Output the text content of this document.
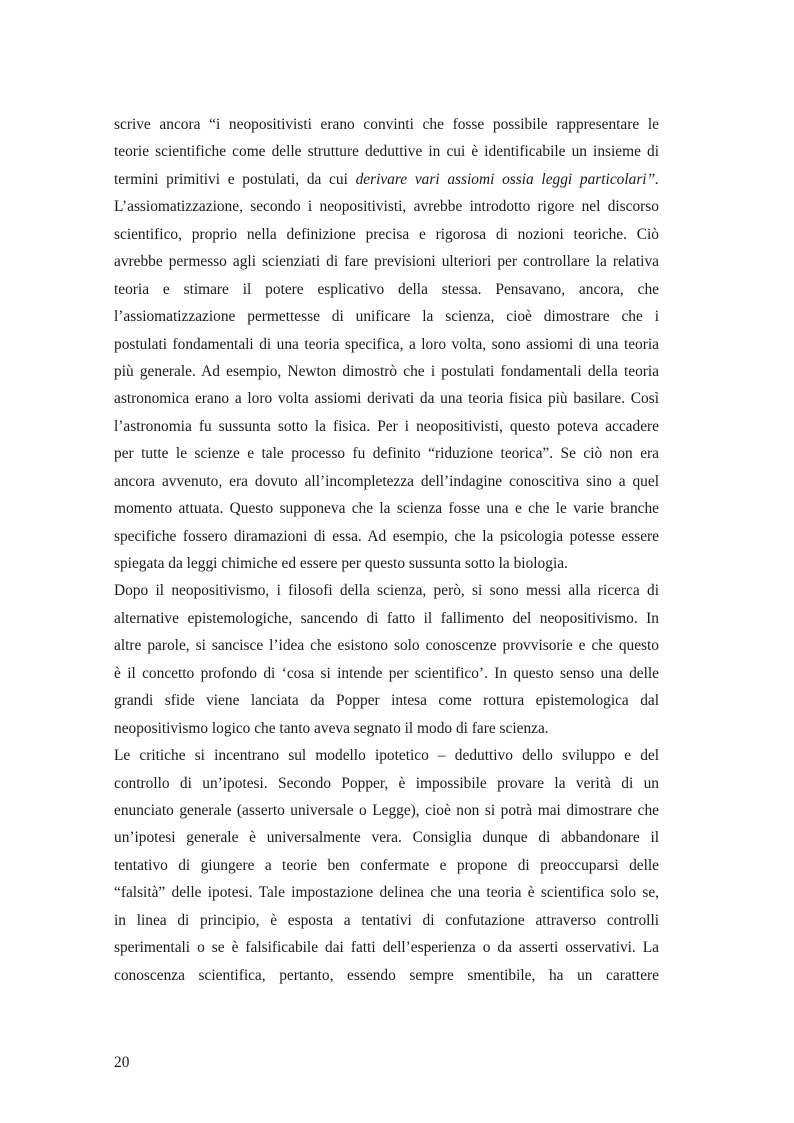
scrive ancora “i neopositivisti erano convinti che fosse possibile rappresentare le
teorie scientifiche come delle strutture deduttive in cui è identificabile un insieme di
termini primitivi e postulati, da cui derivare vari assiomi ossia leggi particolari”.
L’assiomatizzazione, secondo i neopositivisti, avrebbe introdotto rigore nel discorso
scientifico, proprio nella definizione precisa e rigorosa di nozioni teoriche. Ciò
avrebbe permesso agli scienziati di fare previsioni ulteriori per controllare la relativa
teoria e stimare il potere esplicativo della stessa. Pensavano, ancora, che
l’assiomatizzazione permettesse di unificare la scienza, cioè dimostrare che i
postulati fondamentali di una teoria specifica, a loro volta, sono assiomi di una teoria
più generale. Ad esempio, Newton dimostrò che i postulati fondamentali della teoria
astronomica erano a loro volta assiomi derivati da una teoria fisica più basilare. Così
l’astronomia fu sussunta sotto la fisica. Per i neopositivisti, questo poteva accadere
per tutte le scienze e tale processo fu definito “riduzione teorica”. Se ciò non era
ancora avvenuto, era dovuto all’incompletezza dell’indagine conoscitiva sino a quel
momento attuata. Questo supponeva che la scienza fosse una e che le varie branche
specifiche fossero diramazioni di essa. Ad esempio, che la psicologia potesse essere
spiegata da leggi chimiche ed essere per questo sussunta sotto la biologia.
Dopo il neopositivismo, i filosofi della scienza, però, si sono messi alla ricerca di
alternative epistemologiche, sancendo di fatto il fallimento del neopositivismo. In
altre parole, si sancisce l’idea che esistono solo conoscenze provvisorie e che questo
è il concetto profondo di ‘cosa si intende per scientifico’. In questo senso una delle
grandi sfide viene lanciata da Popper intesa come rottura epistemologica dal
neopositivismo logico che tanto aveva segnato il modo di fare scienza.
Le critiche si incentrano sul modello ipotetico – deduttivo dello sviluppo e del
controllo di un’ipotesi. Secondo Popper, è impossibile provare la verità di un
enunciato generale (asserto universale o Legge), cioè non si potrà mai dimostrare che
un’ipotesi generale è universalmente vera. Consiglia dunque di abbandonare il
tentativo di giungere a teorie ben confermate e propone di preoccuparsi delle
“falsità” delle ipotesi. Tale impostazione delinea che una teoria è scientifica solo se,
in linea di principio, è esposta a tentativi di confutazione attraverso controlli
sperimentali o se è falsificabile dai fatti dell’esperienza o da asserti osservativi. La
conoscenza scientifica, pertanto, essendo sempre smentibile, ha un carattere
20
